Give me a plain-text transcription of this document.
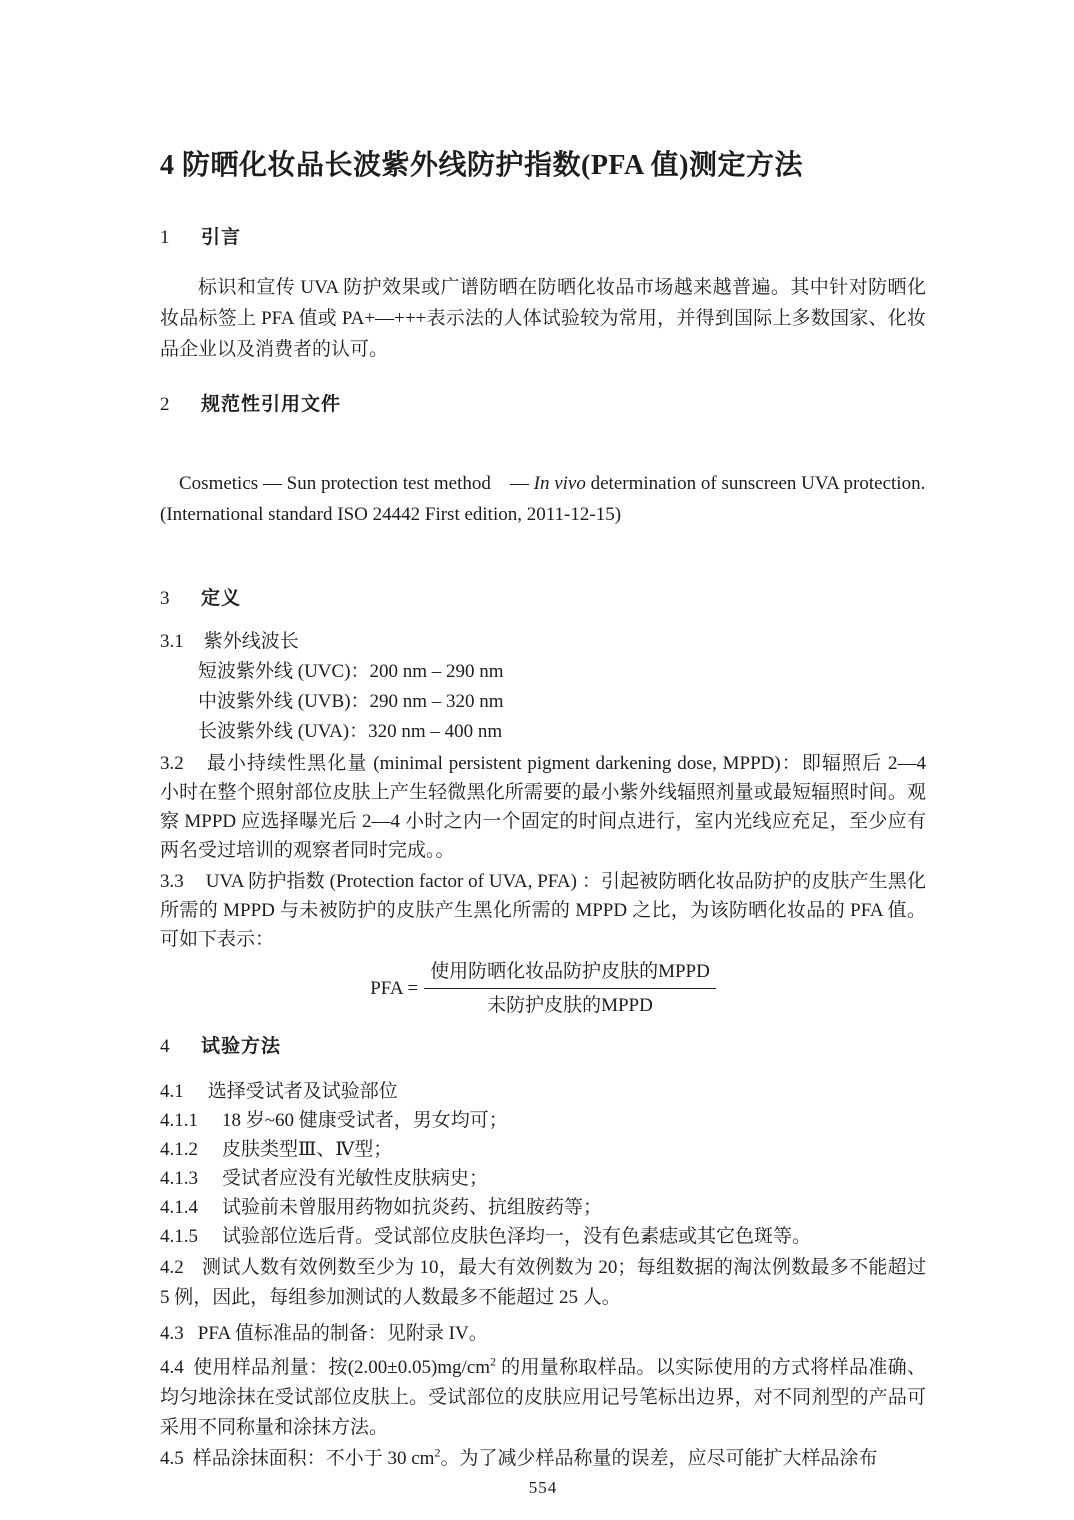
4 防晒化妆品长波紫外线防护指数(PFA 值)测定方法
1 引言
标识和宣传 UVA 防护效果或广谱防晒在防晒化妆品市场越来越普遍。其中针对防晒化妆品标签上 PFA 值或 PA+—+++表示法的人体试验较为常用，并得到国际上多数国家、化妆品企业以及消费者的认可。
2 规范性引用文件

Cosmetics — Sun protection test method　— In vivo determination of sunscreen UVA protection. (International standard ISO 24442 First edition, 2011-12-15)

3 定义
3.1 紫外线波长
短波紫外线 (UVC)：200 nm – 290 nm
中波紫外线 (UVB)：290 nm – 320 nm
长波紫外线 (UVA)：320 nm – 400 nm
3.2 最小持续性黑化量 (minimal persistent pigment darkening dose, MPPD)：即辐照后 2—4 小时在整个照射部位皮肤上产生轻微黑化所需要的最小紫外线辐照剂量或最短辐照时间。观察 MPPD 应选择曝光后 2—4 小时之内一个固定的时间点进行，室内光线应充足，至少应有两名受过培训的观察者同时完成。。
3.3 UVA 防护指数 (Protection factor of UVA, PFA) ：引起被防晒化妆品防护的皮肤产生黑化所需的 MPPD 与未被防护的皮肤产生黑化所需的 MPPD 之比，为该防晒化妆品的 PFA 值。可如下表示：
PFA = $\frac{\text{使用防晒化妆品防护皮肤的MPPD}}{\text{未防护皮肤的MPPD}}$
4 试验方法
4.1 选择受试者及试验部位
4.1.1 18 岁~60 健康受试者，男女均可；
4.1.2 皮肤类型Ⅲ、Ⅳ型；
4.1.3 受试者应没有光敏性皮肤病史；
4.1.4 试验前未曾服用药物如抗炎药、抗组胺药等；
4.1.5 试验部位选后背。受试部位皮肤色泽均一，没有色素痣或其它色斑等。
4.2 测试人数有效例数至少为 10，最大有效例数为 20；每组数据的淘汰例数最多不能超过 5 例，因此，每组参加测试的人数最多不能超过 25 人。
4.3 PFA 值标准品的制备：见附录 IV。
4.4 使用样品剂量：按$(2.00\pm 0.05)mg/cm^2$ 的用量称取样品。以实际使用的方式将样品准确、均匀地涂抹在受试部位皮肤上。受试部位的皮肤应用记号笔标出边界，对不同剂型的产品可采用不同称量和涂抹方法。
4.5 样品涂抹面积：不小于 30 $cm^2$。为了减少样品称量的误差，应尽可能扩大样品涂布
554
